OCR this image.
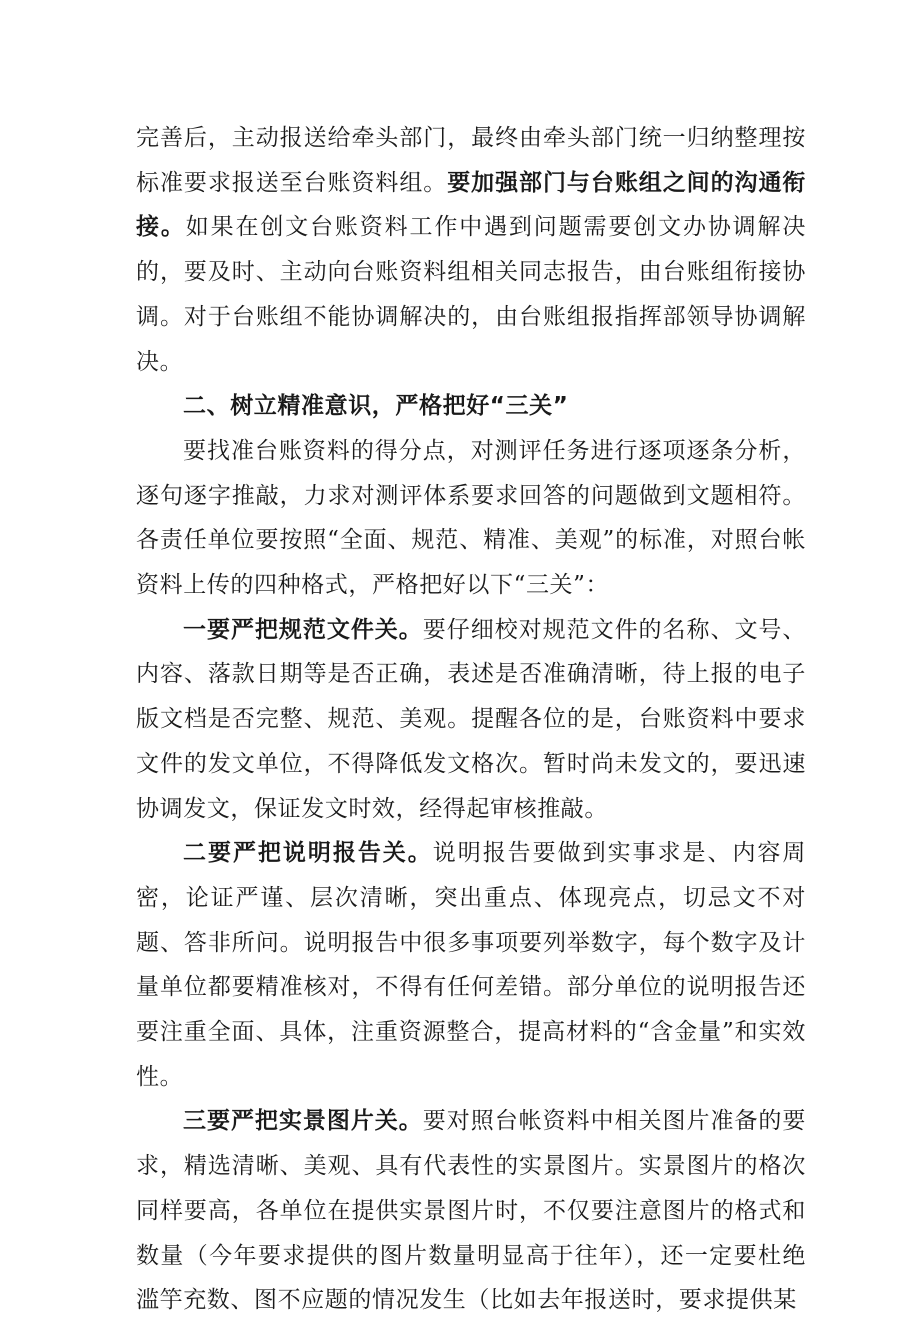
完善后，主动报送给牵头部门，最终由牵头部门统一归纳整理按标准要求报送至台账资料组。要加强部门与台账组之间的沟通衔接。如果在创文台账资料工作中遇到问题需要创文办协调解决的，要及时、主动向台账资料组相关同志报告，由台账组衔接协调。对于台账组不能协调解决的，由台账组报指挥部领导协调解决。

二、树立精准意识，严格把好“三关”

要找准台账资料的得分点，对测评任务进行逐项逐条分析，逐句逐字推敲，力求对测评体系要求回答的问题做到文题相符。各责任单位要按照“全面、规范、精准、美观”的标准，对照台帐资料上传的四种格式，严格把好以下“三关”：

一要严把规范文件关。要仔细校对规范文件的名称、文号、内容、落款日期等是否正确，表述是否准确清晰，待上报的电子版文档是否完整、规范、美观。提醒各位的是，台账资料中要求文件的发文单位，不得降低发文格次。暂时尚未发文的，要迅速协调发文，保证发文时效，经得起审核推敲。

二要严把说明报告关。说明报告要做到实事求是、内容周密，论证严谨、层次清晰，突出重点、体现亮点，切忌文不对题、答非所问。说明报告中很多事项要列举数字，每个数字及计量单位都要精准核对，不得有任何差错。部分单位的说明报告还要注重全面、具体，注重资源整合，提高材料的“含金量”和实效性。

三要严把实景图片关。要对照台帐资料中相关图片准备的要求，精选清晰、美观、具有代表性的实景图片。实景图片的格次同样要高，各单位在提供实景图片时，不仅要注意图片的格式和数量（今年要求提供的图片数量明显高于往年），还一定要杜绝滥竽充数、图不应题的情况发生（比如去年报送时，要求提供某
